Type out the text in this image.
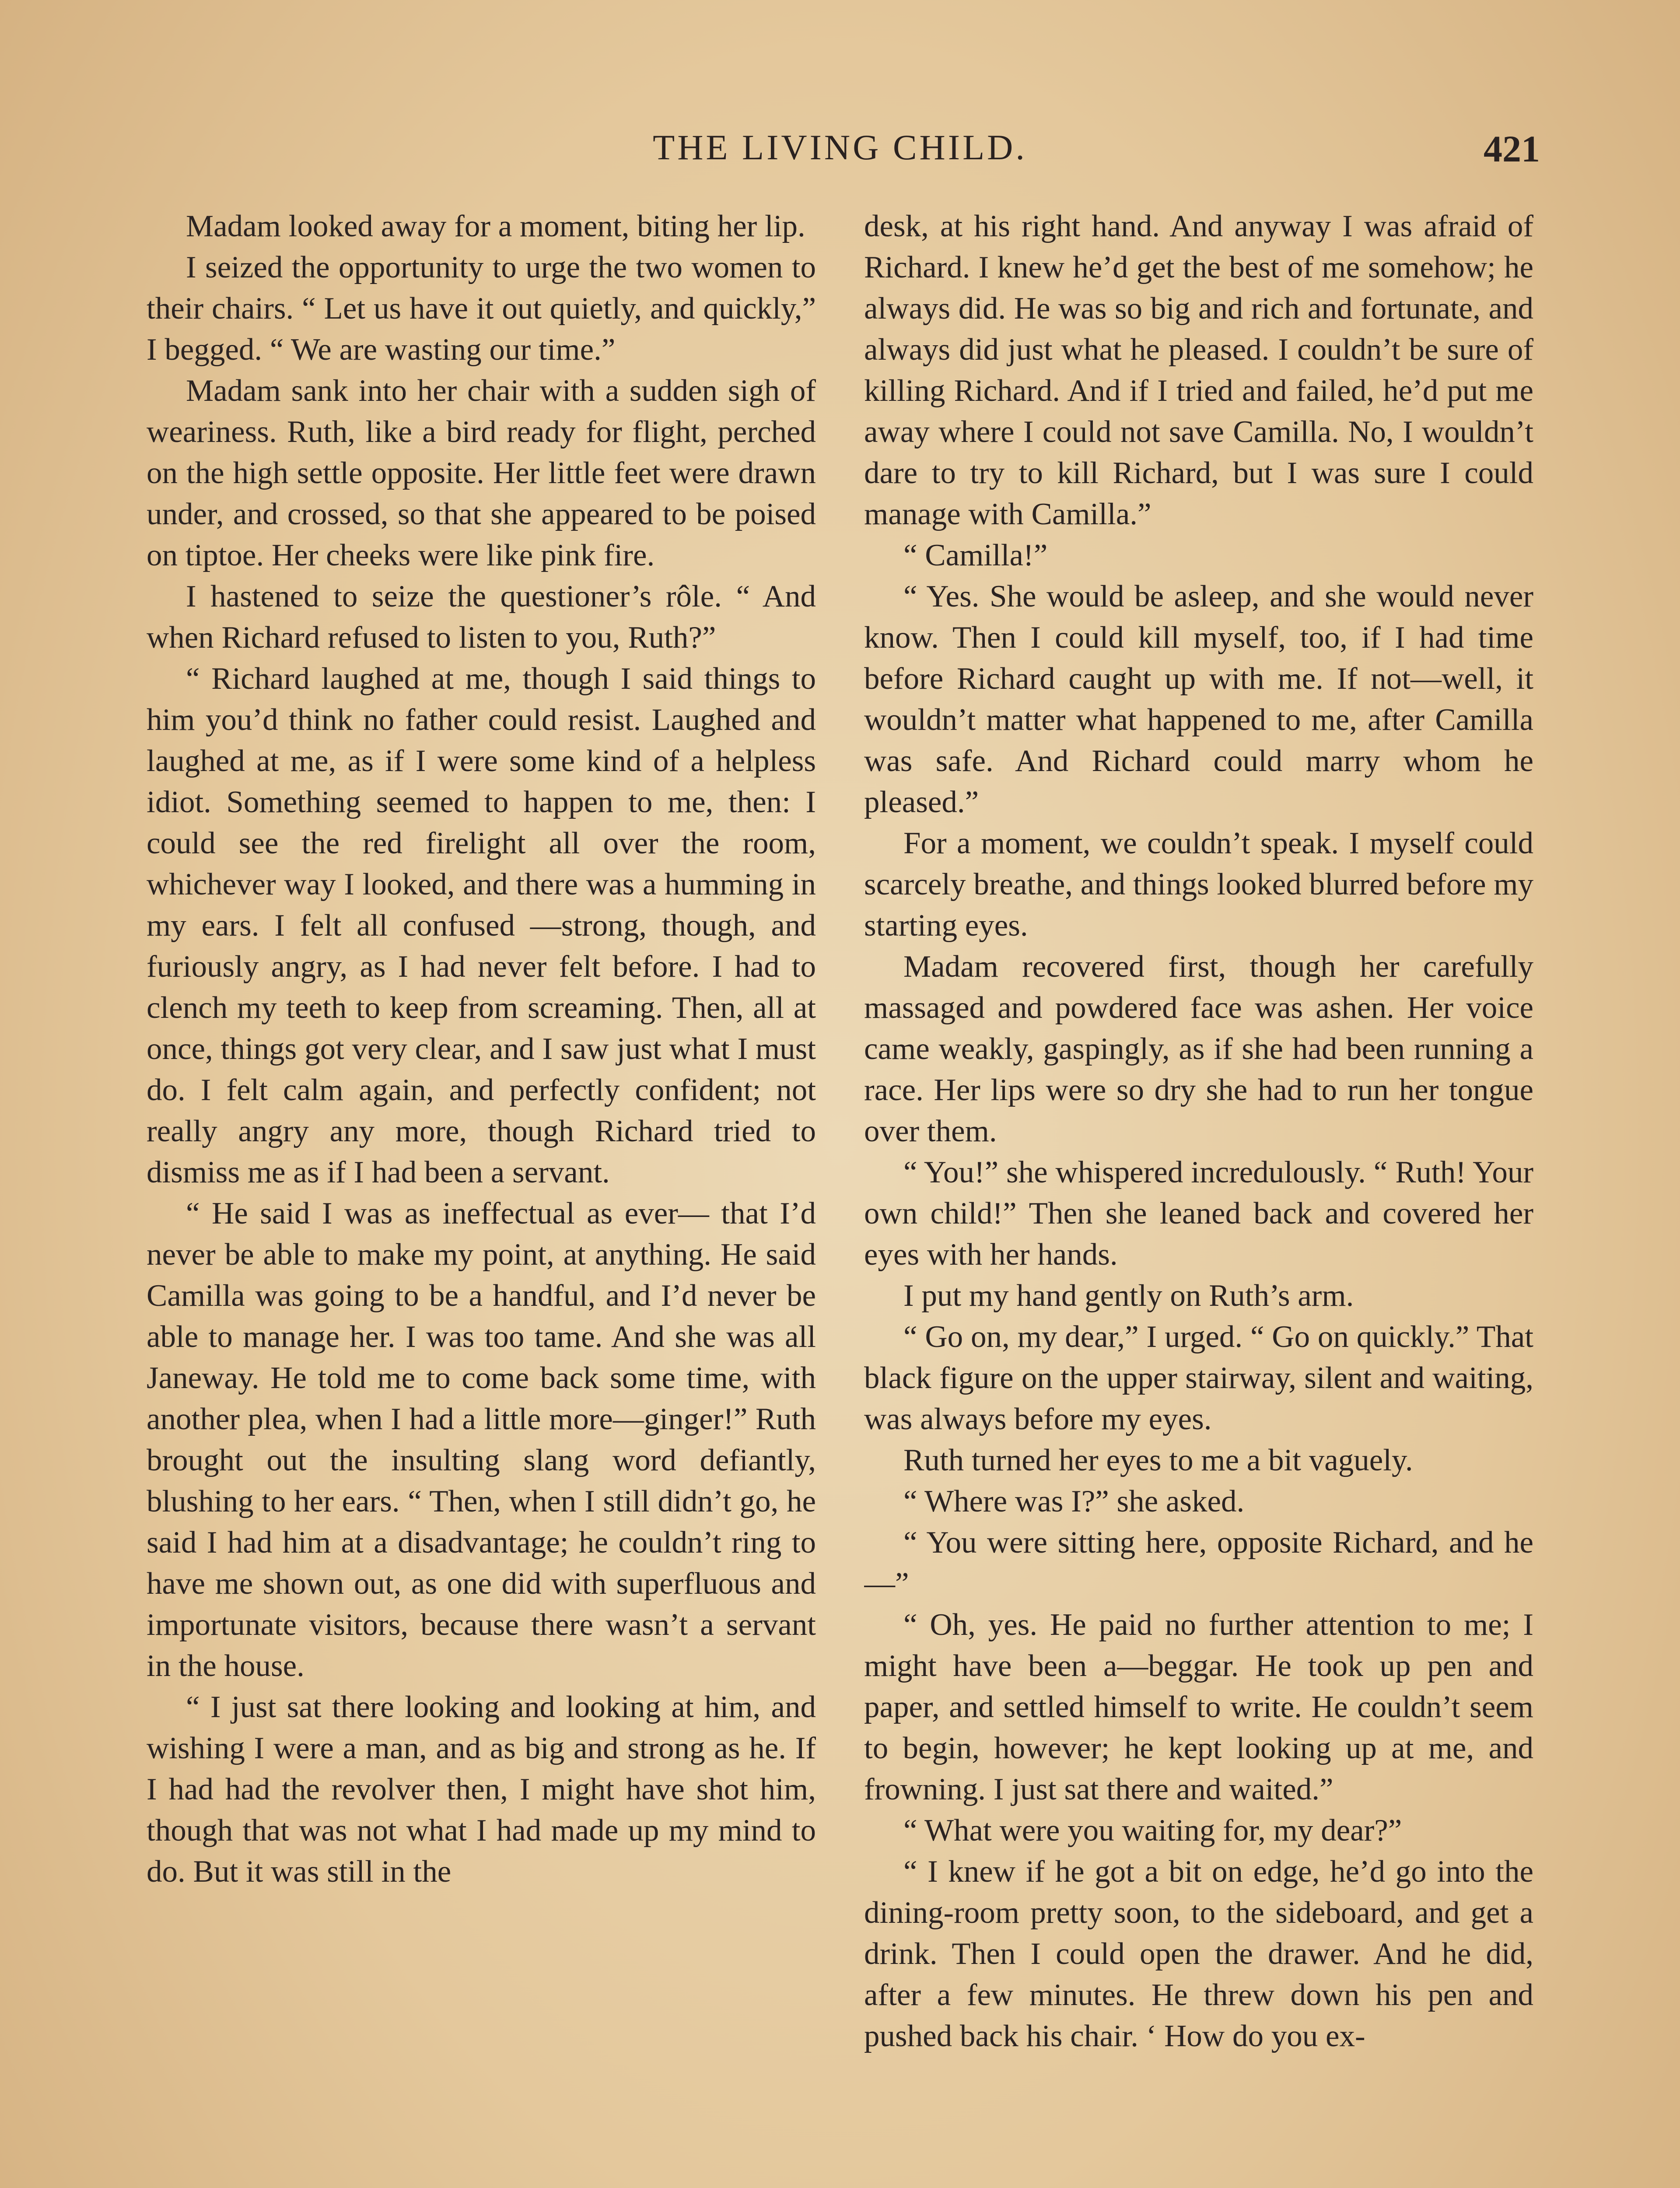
THE LIVING CHILD.	421

Madam looked away for a moment, biting her lip.

I seized the opportunity to urge the two women to their chairs. “ Let us have it out quietly, and quickly,” I begged. “ We are wasting our time.”

Madam sank into her chair with a sudden sigh of weariness. Ruth, like a bird ready for flight, perched on the high settle opposite. Her little feet were drawn under, and crossed, so that she appeared to be poised on tiptoe. Her cheeks were like pink fire.

I hastened to seize the questioner’s rôle. “ And when Richard refused to listen to you, Ruth?”

“ Richard laughed at me, though I said things to him you’d think no father could resist. Laughed and laughed at me, as if I were some kind of a helpless idiot. Something seemed to happen to me, then: I could see the red firelight all over the room, whichever way I looked, and there was a humming in my ears. I felt all confused —strong, though, and furiously angry, as I had never felt before. I had to clench my teeth to keep from screaming. Then, all at once, things got very clear, and I saw just what I must do. I felt calm again, and perfectly confident; not really angry any more, though Richard tried to dismiss me as if I had been a servant.

“ He said I was as ineffectual as ever— that I’d never be able to make my point, at anything. He said Camilla was going to be a handful, and I’d never be able to manage her. I was too tame. And she was all Janeway. He told me to come back some time, with another plea, when I had a little more—ginger!” Ruth brought out the insulting slang word defiantly, blushing to her ears. “ Then, when I still didn’t go, he said I had him at a disadvantage; he couldn’t ring to have me shown out, as one did with superfluous and importunate visitors, because there wasn’t a servant in the house.

“ I just sat there looking and looking at him, and wishing I were a man, and as big and strong as he. If I had had the revolver then, I might have shot him, though that was not what I had made up my mind to do. But it was still in the

desk, at his right hand. And anyway I was afraid of Richard. I knew he’d get the best of me somehow; he always did. He was so big and rich and fortunate, and always did just what he pleased. I couldn’t be sure of killing Richard. And if I tried and failed, he’d put me away where I could not save Camilla. No, I wouldn’t dare to try to kill Richard, but I was sure I could manage with Camilla.”

“ Camilla!”

“ Yes. She would be asleep, and she would never know. Then I could kill myself, too, if I had time before Richard caught up with me. If not—well, it wouldn’t matter what happened to me, after Camilla was safe. And Richard could marry whom he pleased.”

For a moment, we couldn’t speak. I myself could scarcely breathe, and things looked blurred before my starting eyes.

Madam recovered first, though her carefully massaged and powdered face was ashen. Her voice came weakly, gaspingly, as if she had been running a race. Her lips were so dry she had to run her tongue over them.

“ You!” she whispered incredulously. “ Ruth! Your own child!” Then she leaned back and covered her eyes with her hands.

I put my hand gently on Ruth’s arm.

“ Go on, my dear,” I urged. “ Go on quickly.” That black figure on the upper stairway, silent and waiting, was always before my eyes.

Ruth turned her eyes to me a bit vaguely.

“ Where was I?” she asked.

“ You were sitting here, opposite Richard, and he—”

“ Oh, yes. He paid no further attention to me; I might have been a—beggar. He took up pen and paper, and settled himself to write. He couldn’t seem to begin, however; he kept looking up at me, and frowning. I just sat there and waited.”

“ What were you waiting for, my dear?”

“ I knew if he got a bit on edge, he’d go into the dining-room pretty soon, to the sideboard, and get a drink. Then I could open the drawer. And he did, after a few minutes. He threw down his pen and pushed back his chair. ‘ How do you ex-
